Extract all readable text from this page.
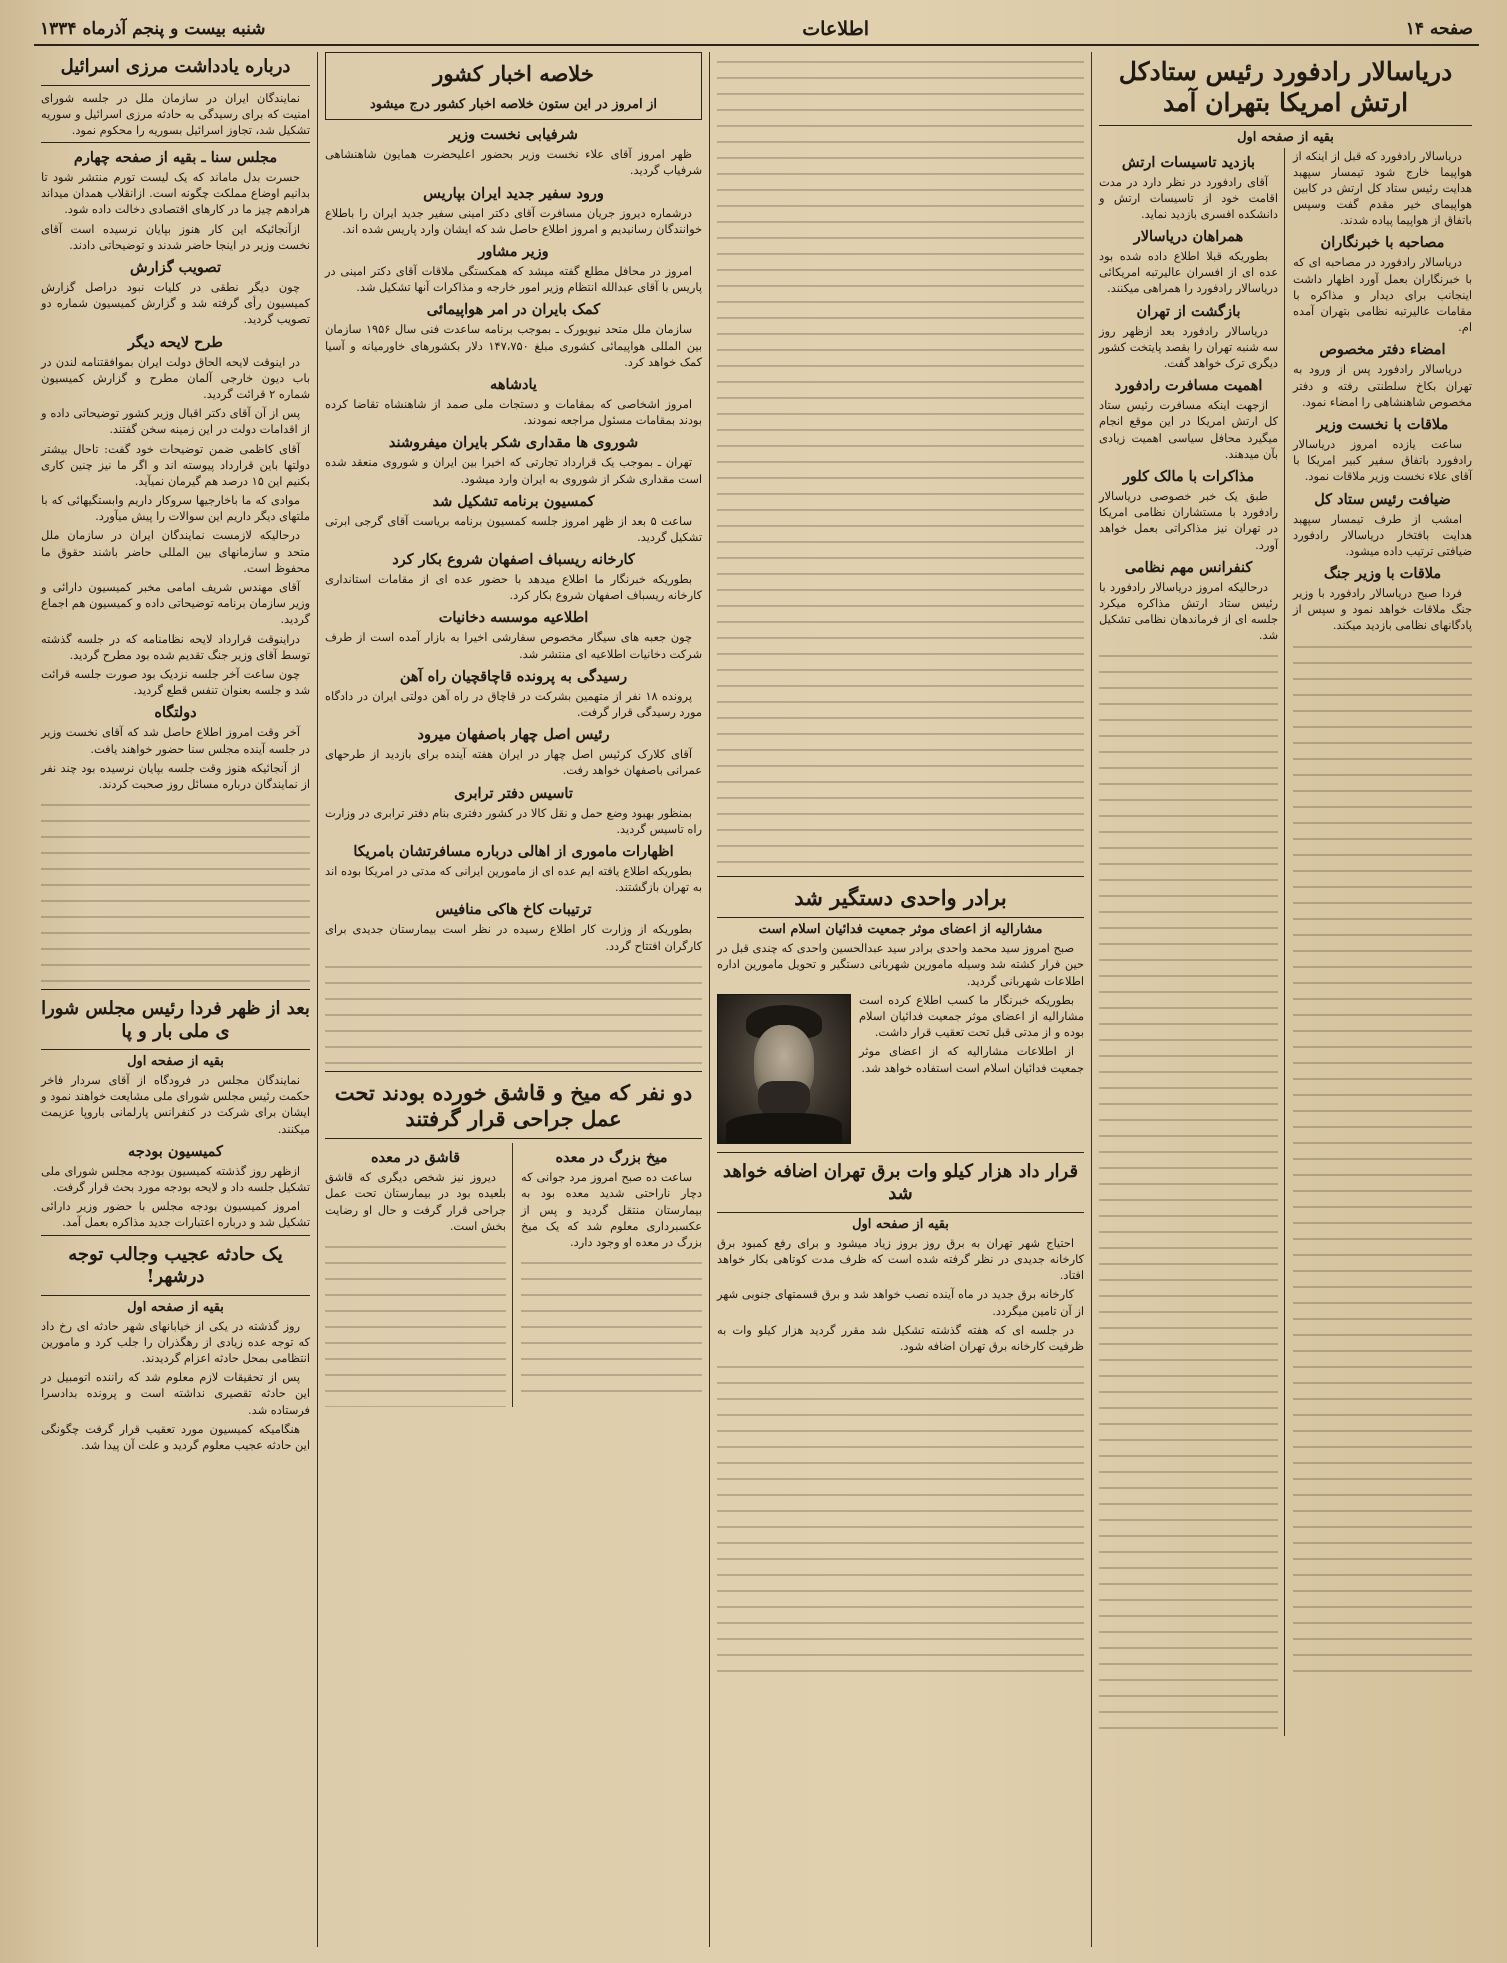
صفحه ۱۴
اطلاعات
شنبه بیست و پنجم آذرماه ۱۳۳۴
دریاسالار رادفورد رئیس ستادکل ارتش امریکا بتهران آمد
بقیه از صفحه اول

دریاسالار رادفورد که قبل از اینکه از هواپیما خارج شود تیمسار سپهبد هدایت رئیس ستاد کل ارتش در کابین هواپیمای خیر مقدم گفت وسپس باتفاق از هواپیما پیاده شدند.

مصاحبه با خبرنگاران

دریاسالار رادفورد در مصاحبه ای که با خبرنگاران بعمل آورد اظهار داشت اینجانب برای دیدار و مذاکره با مقامات عالیرتبه نظامی بتهران آمده ام.

امضاء دفتر مخصوص

دریاسالار رادفورد پس از ورود به تهران بکاخ سلطنتی رفته و دفتر مخصوص شاهنشاهی را امضاء نمود.

ملاقات با نخست وزیر

ساعت یازده امروز دریاسالار رادفورد باتفاق سفیر کبیر امریکا با آقای علاء نخست وزیر ملاقات نمود.

ضیافت رئیس ستاد کل

امشب از طرف تیمسار سپهبد هدایت بافتخار دریاسالار رادفورد ضیافتی ترتیب داده میشود.

ملاقات با وزیر جنگ

فردا صبح دریاسالار رادفورد با وزیر جنگ ملاقات خواهد نمود و سپس از پادگانهای نظامی بازدید میکند.

بازدید تاسیسات ارتش

آقای رادفورد در نظر دارد در مدت اقامت خود از تاسیسات ارتش و دانشکده افسری بازدید نماید.

همراهان دریاسالار

بطوریکه قبلا اطلاع داده شده بود عده ای از افسران عالیرتبه امریکائی دریاسالار رادفورد را همراهی میکنند.

بازگشت از تهران

دریاسالار رادفورد بعد ازظهر روز سه شنبه تهران را بقصد پایتخت کشور دیگری ترک خواهد گفت.

اهمیت مسافرت رادفورد

ازجهت اینکه مسافرت رئیس ستاد کل ارتش امریکا در این موقع انجام میگیرد محافل سیاسی اهمیت زیادی بآن میدهند.

مذاکرات با مالک کلور

طبق یک خبر خصوصی دریاسالار رادفورد با مستشاران نظامی امریکا در تهران نیز مذاکراتی بعمل خواهد آورد.

کنفرانس مهم نظامی

درحالیکه امروز دریاسالار رادفورد با رئیس ستاد ارتش مذاکره میکرد جلسه ای از فرماندهان نظامی تشکیل شد.

برادر واحدی دستگیر شد
مشارالیه از اعضای موثر جمعیت فدائیان اسلام است

صبح امروز سید محمد واحدی برادر سید عبدالحسین واحدی که چندی قبل در حین فرار کشته شد وسیله مامورین شهربانی دستگیر و تحویل مامورین اداره اطلاعات شهربانی گردید.

بطوریکه خبرنگار ما کسب اطلاع کرده است مشارالیه از اعضای موثر جمعیت فدائیان اسلام بوده و از مدتی قبل تحت تعقیب قرار داشت.

از اطلاعات مشارالیه که از اعضای موثر جمعیت فدائیان اسلام است استفاده خواهد شد.

قرار داد هزار کیلو وات برق تهران اضافه خواهد شد
بقیه از صفحه اول

احتیاج شهر تهران به برق روز بروز زیاد میشود و برای رفع کمبود برق کارخانه جدیدی در نظر گرفته شده است که ظرف مدت کوتاهی بکار خواهد افتاد.

کارخانه برق جدید در ماه آینده نصب خواهد شد و برق قسمتهای جنوبی شهر از آن تامین میگردد.

در جلسه ای که هفته گذشته تشکیل شد مقرر گردید هزار کیلو وات به ظرفیت کارخانه برق تهران اضافه شود.

خلاصه اخبار کشور
از امروز در این ستون خلاصه اخبار کشور درج میشود
شرفیابی نخست وزیر

ظهر امروز آقای علاء نخست وزیر بحضور اعلیحضرت همایون شاهنشاهی شرفیاب گردید.

ورود سفیر جدید ایران بپاریس

درشماره دیروز جریان مسافرت آقای دکتر امینی سفیر جدید ایران را باطلاع خوانندگان رسانیدیم و امروز اطلاع حاصل شد که ایشان وارد پاریس شده اند.

وزیر مشاور

امروز در محافل مطلع گفته میشد که همکستگی ملاقات آقای دکتر امینی در پاریس با آقای عبدالله انتظام وزیر امور خارجه و مذاکرات آنها تشکیل شد.

کمک بایران در امر هواپیمائی

سازمان ملل متحد نیویورک ـ بموجب برنامه ساعدت فنی سال ۱۹۵۶ سازمان بین المللی هواپیمائی کشوری مبلغ ۱۴۷،۷۵۰ دلار بکشورهای خاورمیانه و آسیا کمک خواهد کرد.

یادشاهه

امروز اشخاصی که بمقامات و دستجات ملی صمد از شاهنشاه تقاضا کرده بودند بمقامات مسئول مراجعه نمودند.

شوروی ها مقداری شکر بایران میفروشند

تهران ـ بموجب یک قرارداد تجارتی که اخیرا بین ایران و شوروی منعقد شده است مقداری شکر از شوروی به ایران وارد میشود.

کمسیون برنامه تشکیل شد

ساعت ۵ بعد از ظهر امروز جلسه کمسیون برنامه بریاست آقای گرجی ابرتی تشکیل گردید.

کارخانه ریسباف اصفهان شروع بکار کرد

بطوریکه خبرنگار ما اطلاع میدهد با حضور عده ای از مقامات استانداری کارخانه ریسباف اصفهان شروع بکار کرد.

اطلاعیه موسسه دخانیات

چون جعبه های سیگار مخصوص سفارشی اخیرا به بازار آمده است از طرف شرکت دخانیات اطلاعیه ای منتشر شد.

رسیدگی به پرونده قاچاقچیان راه آهن

پرونده ۱۸ نفر از متهمین بشرکت در قاچاق در راه آهن دولتی ایران در دادگاه مورد رسیدگی قرار گرفت.

رئیس اصل چهار باصفهان میرود

آقای کلارک کرئیس اصل چهار در ایران هفته آینده برای بازدید از طرحهای عمرانی باصفهان خواهد رفت.

تاسیس دفتر ترابری

بمنظور بهبود وضع حمل و نقل کالا در کشور دفتری بنام دفتر ترابری در وزارت راه تاسیس گردید.

اظهارات ماموری از اهالی درباره مسافرتشان بامریکا

بطوریکه اطلاع یافته ایم عده ای از مامورین ایرانی که مدتی در امریکا بوده اند به تهران بازگشتند.

ترتیبات کاخ هاکی منافیس

بطوریکه از وزارت کار اطلاع رسیده در نظر است بیمارستان جدیدی برای کارگران افتتاح گردد.

دو نفر که میخ و قاشق خورده بودند تحت عمل جراحی قرار گرفتند
میخ بزرگ در معده

ساعت ده صبح امروز مرد جوانی که دچار ناراحتی شدید معده بود به بیمارستان منتقل گردید و پس از عکسبرداری معلوم شد که یک میخ بزرگ در معده او وجود دارد.

قاشق در معده

دیروز نیز شخص دیگری که قاشق بلعیده بود در بیمارستان تحت عمل جراحی قرار گرفت و حال او رضایت بخش است.

درباره یادداشت مرزی اسرائیل

نمایندگان ایران در سازمان ملل در جلسه شورای امنیت که برای رسیدگی به حادثه مرزی اسرائیل و سوریه تشکیل شد، تجاوز اسرائیل بسوریه را محکوم نمود.

مجلس سنا ـ بقیه از صفحه چهارم

حسرت بدل ماماند که یک لیست تورم منتشر شود تا بدانیم اوضاع مملکت چگونه است. ازانقلاب همدان میداند هرادهم چیز ما در کارهای اقتصادی دخالت داده شود.

ازآنجائیکه این کار هنوز بپایان نرسیده است آقای نخست وزیر در اینجا حاضر شدند و توضیحاتی دادند.

تصویب گزارش

چون دیگر نطقی در کلیات نبود دراصل گزارش کمیسیون رأی گرفته شد و گزارش کمیسیون شماره دو تصویب گردید.

طرح لایحه دیگر

در اینوقت لایحه الحاق دولت ایران بموافقتنامه لندن در باب دیون خارجی آلمان مطرح و گزارش کمیسیون شماره ۲ قرائت گردید.

پس از آن آقای دکتر اقبال وزیر کشور توضیحاتی داده و از اقدامات دولت در این زمینه سخن گفتند.

آقای کاظمی ضمن توضیحات خود گفت: تاحال بیشتر دولتها باین قرارداد پیوسته اند و اگر ما نیز چنین کاری بکنیم این ۱۵ درصد هم گیرمان نمیآید.

موادی که ما باخارجیها سروکار داریم وابستگیهائی که با ملتهای دیگر داریم این سوالات را پیش میآورد.

درحالیکه لازمست نمایندگان ایران در سازمان ملل متحد و سازمانهای بین المللی حاضر باشند حقوق ما محفوظ است.

آقای مهندس شریف امامی مخبر کمیسیون دارائی و وزیر سازمان برنامه توضیحاتی داده و کمیسیون هم اجماع گردید.

دراینوقت قرارداد لایحه نظامنامه که در جلسه گذشته توسط آقای وزیر جنگ تقدیم شده بود مطرح گردید.

چون ساعت آخر جلسه نزدیک بود صورت جلسه قرائت شد و جلسه بعنوان تنفس قطع گردید.

دولتگاه

آخر وقت امروز اطلاع حاصل شد که آقای نخست وزیر در جلسه آینده مجلس سنا حضور خواهند یافت.

از آنجائیکه هنوز وقت جلسه بپایان نرسیده بود چند نفر از نمایندگان درباره مسائل روز صحبت کردند.

بعد از ظهر فردا رئیس مجلس شورا ی ملی بار و پا
بقیه از صفحه اول

نمایندگان مجلس در فرودگاه از آقای سردار فاخر حکمت رئیس مجلس شورای ملی مشایعت خواهند نمود و ایشان برای شرکت در کنفرانس پارلمانی باروپا عزیمت میکنند.

کمیسیون بودجه

ازظهر روز گذشته کمیسیون بودجه مجلس شورای ملی تشکیل جلسه داد و لایحه بودجه مورد بحث قرار گرفت.

امروز کمیسیون بودجه مجلس با حضور وزیر دارائی تشکیل شد و درباره اعتبارات جدید مذاکره بعمل آمد.

یک حادثه عجیب وجالب توجه درشهر!
بقیه از صفحه اول

روز گذشته در یکی از خیابانهای شهر حادثه ای رخ داد که توجه عده زیادی از رهگذران را جلب کرد و مامورین انتظامی بمحل حادثه اعزام گردیدند.

پس از تحقیقات لازم معلوم شد که راننده اتومبیل در این حادثه تقصیری نداشته است و پرونده بدادسرا فرستاده شد.

هنگامیکه کمیسیون مورد تعقیب قرار گرفت چگونگی این حادثه عجیب معلوم گردید و علت آن پیدا شد.
